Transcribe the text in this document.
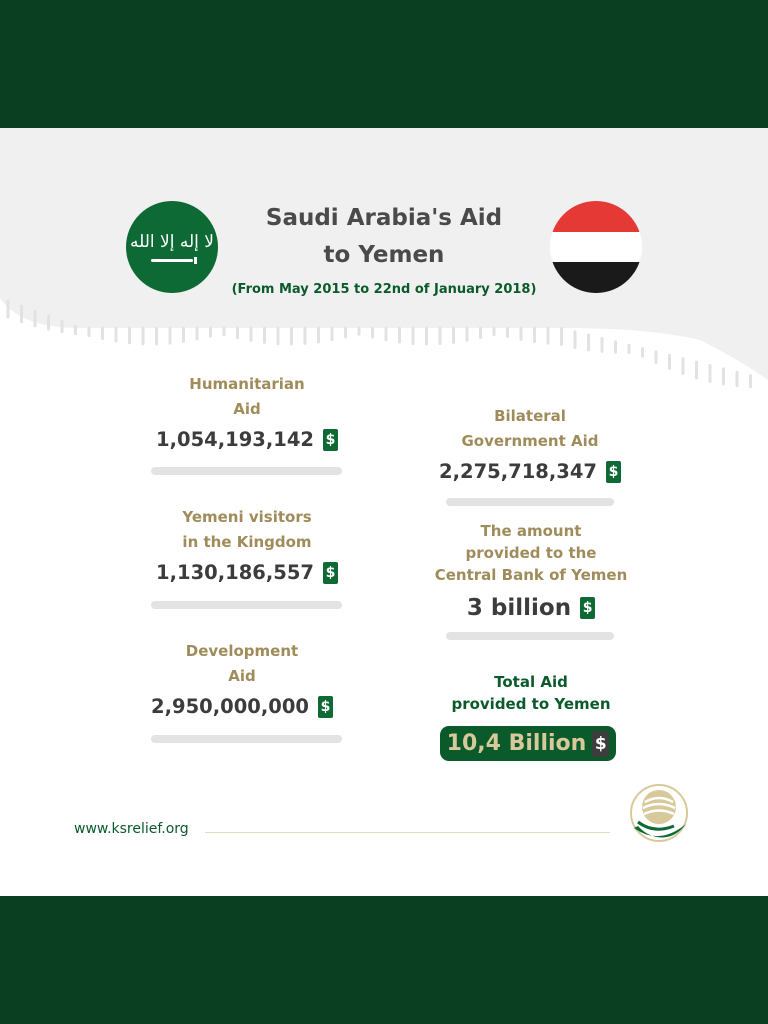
لا إله إلا الله
Saudi Arabia's Aid
to Yemen
(From May 2015 to 22nd of January 2018)
Humanitarian
Aid
1,054,193,142 $
Yemeni visitors
in the Kingdom
1,130,186,557 $
Development
Aid
2,950,000,000 $
Bilateral
Government Aid
2,275,718,347 $
The amount
provided to the
Central Bank of Yemen
3 billion $
Total Aid
provided to Yemen
10,4 Billion $
www.ksrelief.org
